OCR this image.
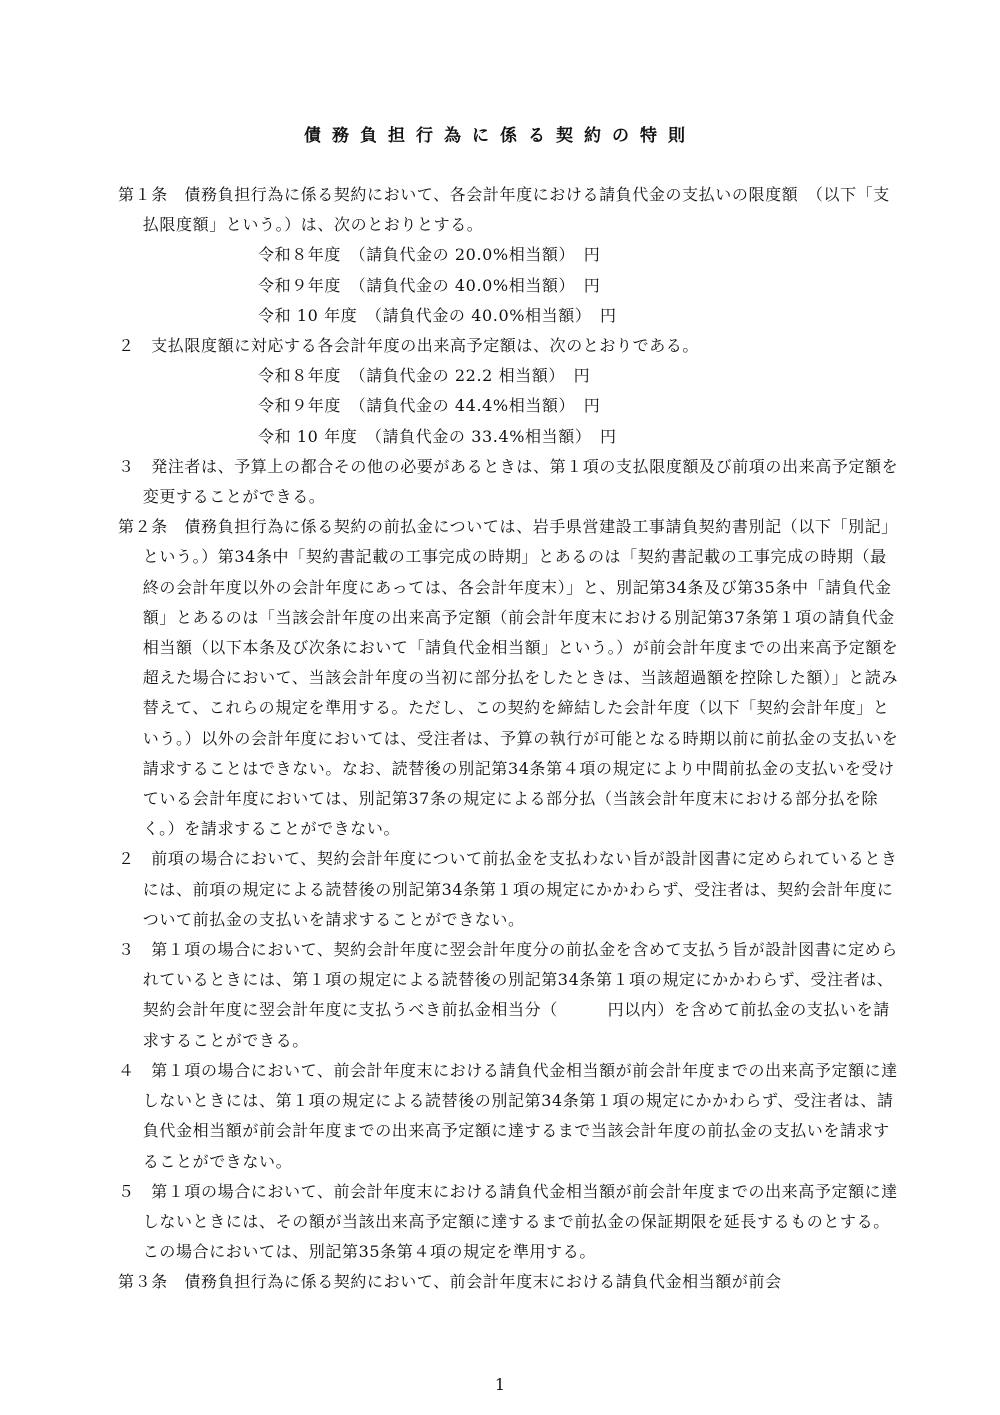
債務負担行為に係る契約の特則

第１条　債務負担行為に係る契約において、各会計年度における請負代金の支払いの限度額　（以下「支払限度額」という。）は、次のとおりとする。

令和８年度　（請負代金の 20.0%相当額）　円

令和９年度　（請負代金の 40.0%相当額）　円

令和 10 年度　（請負代金の 40.0%相当額）　円

２　支払限度額に対応する各会計年度の出来高予定額は、次のとおりである。

令和８年度　（請負代金の 22.2 相当額）　円

令和９年度　（請負代金の 44.4%相当額）　円

令和 10 年度　（請負代金の 33.4%相当額）　円

３　発注者は、予算上の都合その他の必要があるときは、第１項の支払限度額及び前項の出来高予定額を変更することができる。

第２条　債務負担行為に係る契約の前払金については、岩手県営建設工事請負契約書別記（以下「別記」という。）第34条中「契約書記載の工事完成の時期」とあるのは「契約書記載の工事完成の時期（最終の会計年度以外の会計年度にあっては、各会計年度末）」と、別記第34条及び第35条中「請負代金額」とあるのは「当該会計年度の出来高予定額（前会計年度末における別記第37条第１項の請負代金相当額（以下本条及び次条において「請負代金相当額」という。）が前会計年度までの出来高予定額を超えた場合において、当該会計年度の当初に部分払をしたときは、当該超過額を控除した額）」と読み替えて、これらの規定を準用する。ただし、この契約を締結した会計年度（以下「契約会計年度」という。）以外の会計年度においては、受注者は、予算の執行が可能となる時期以前に前払金の支払いを請求することはできない。なお、読替後の別記第34条第４項の規定により中間前払金の支払いを受けている会計年度においては、別記第37条の規定による部分払（当該会計年度末における部分払を除く。）を請求することができない。

２　前項の場合において、契約会計年度について前払金を支払わない旨が設計図書に定められているときには、前項の規定による読替後の別記第34条第１項の規定にかかわらず、受注者は、契約会計年度について前払金の支払いを請求することができない。

３　第１項の場合において、契約会計年度に翌会計年度分の前払金を含めて支払う旨が設計図書に定められているときには、第１項の規定による読替後の別記第34条第１項の規定にかかわらず、受注者は、契約会計年度に翌会計年度に支払うべき前払金相当分（　　　円以内）を含めて前払金の支払いを請求することができる。

４　第１項の場合において、前会計年度末における請負代金相当額が前会計年度までの出来高予定額に達しないときには、第１項の規定による読替後の別記第34条第１項の規定にかかわらず、受注者は、請負代金相当額が前会計年度までの出来高予定額に達するまで当該会計年度の前払金の支払いを請求することができない。

５　第１項の場合において、前会計年度末における請負代金相当額が前会計年度までの出来高予定額に達しないときには、その額が当該出来高予定額に達するまで前払金の保証期限を延長するものとする。この場合においては、別記第35条第４項の規定を準用する。

第３条　債務負担行為に係る契約において、前会計年度末における請負代金相当額が前会

1
